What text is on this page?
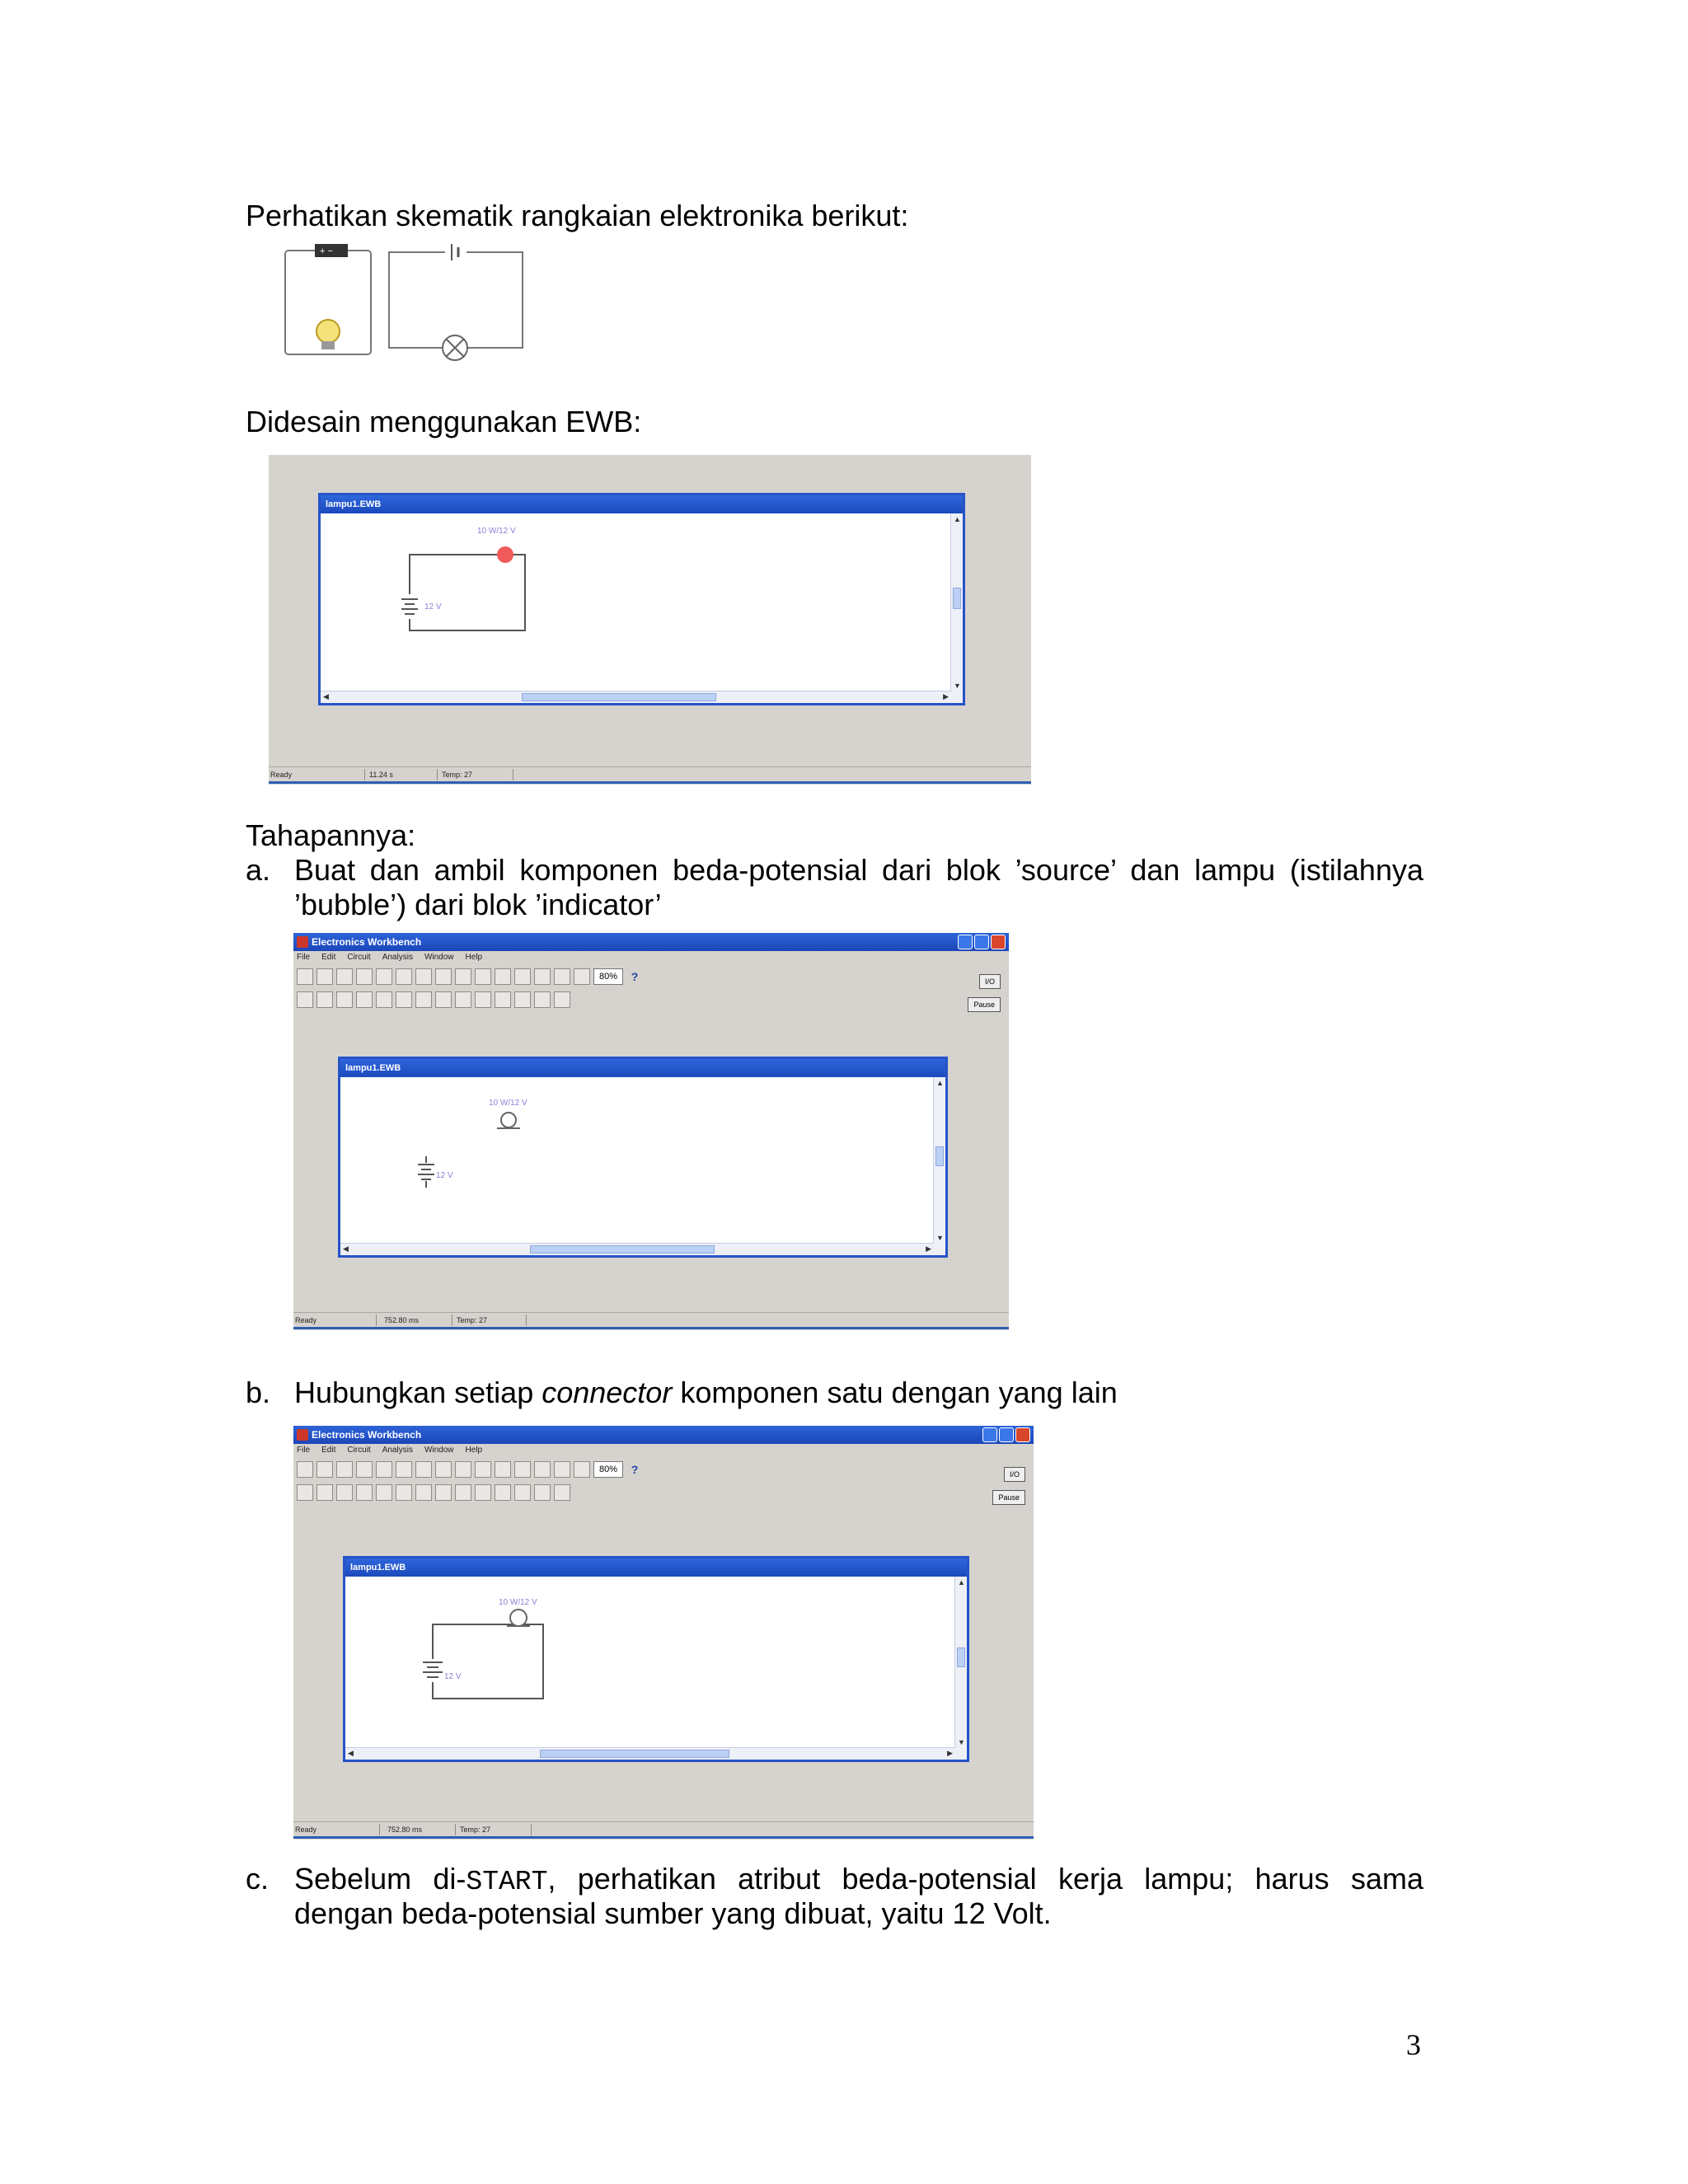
Perhatikan skematik rangkaian elektronika berikut:
+ −
Didesain menggunakan EWB:
lampu1.EWB
10 W/12 V
12 V
▲
▼
◀	▶
Ready	11.24 s	Temp: 27
Tahapannya:
a. Buat dan ambil komponen beda-potensial dari blok ’source’ dan lampu (istilahnya
’bubble’) dari blok ’indicator’
Electronics Workbench
File Edit Circuit Analysis Window Help
80%	?	I/O
Pause
lampu1.EWB
10 W/12 V
12 V
▲
▼
◀	▶
Ready	752.80 ms	Temp: 27
b. Hubungkan setiap connector komponen satu dengan yang lain
Electronics Workbench
File Edit Circuit Analysis Window Help
80%	?	I/O
Pause
lampu1.EWB
10 W/12 V
12 V
▲
▼
◀	▶
Ready	752.80 ms	Temp: 27
c. Sebelum di-START, perhatikan atribut beda-potensial kerja lampu; harus sama
dengan beda-potensial sumber yang dibuat, yaitu 12 Volt.
3
